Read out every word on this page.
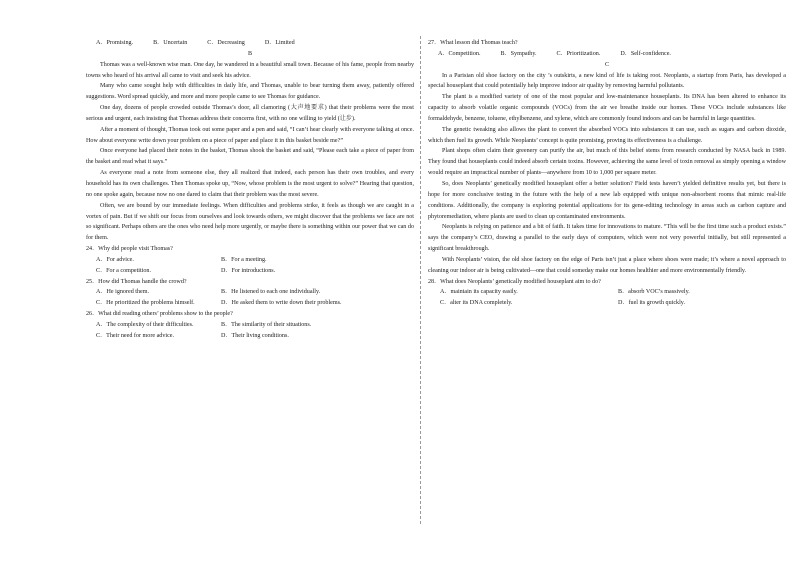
A．Promising.	B．Uncertain	C．Decreasing	D．Limited

B

Thomas was a well-known wise man. One day, he wandered in a beautiful small town. Because of his fame, people from nearby towns who heard of his arrival all came to visit and seek his advice.

Many who came sought help with difficulties in daily life, and Thomas, unable to bear turning them away, patiently offered suggestions. Word spread quickly, and more and more people came to see Thomas for guidance.

One day, dozens of people crowded outside Thomas’s door, all clamoring (大声地要求) that their problems were the most serious and urgent, each insisting that Thomas address their concerns first, with no one willing to yield (让步).

After a moment of thought, Thomas took out some paper and a pen and said, “I can’t hear clearly with everyone talking at once. How about everyone write down your problem on a piece of paper and place it in this basket beside me?”

Once everyone had placed their notes in the basket, Thomas shook the basket and said, “Please each take a piece of paper from the basket and read what it says.”

As everyone read a note from someone else, they all realized that indeed, each person has their own troubles, and every household has its own challenges. Then Thomas spoke up, “Now, whose problem is the most urgent to solve?” Hearing that question, no one spoke again, because now no one dared to claim that their problem was the most severe.

Often, we are bound by our immediate feelings. When difficulties and problems strike, it feels as though we are caught in a vortex of pain. But if we shift our focus from ourselves and look towards others, we might discover that the problems we face are not so significant. Perhaps others are the ones who need help more urgently, or maybe there is something within our power that we can do for them.

24．Why did people visit Thomas?

A．For advice.	B．For a meeting.
C．For a competition.	D．For introductions.

25．How did Thomas handle the crowd?

A．He ignored them.	B．He listened to each one individually.
C．He prioritized the problems himself.	D．He asked them to write down their problems.

26．What did reading others’ problems show to the people?

A．The complexity of their difficulties.	B．The similarity of their situations.
C．Their need for more advice.	D．Their living conditions.

27．What lesson did Thomas teach?

A．Competition.	B．Sympathy.	C．Prioritization.	D．Self-confidence.

C

In a Parisian old shoe factory on the city ’s outskirts, a new kind of life is taking root. Neoplants, a startup from Paris, has developed a special houseplant that could potentially help improve indoor air quality by removing harmful pollutants.

The plant is a modified variety of one of the most popular and low-maintenance houseplants. Its DNA has been altered to enhance its capacity to absorb volatile organic compounds (VOCs) from the air we breathe inside our homes. These VOCs include substances like formaldehyde, benzene, toluene, ethylbenzene, and xylene, which are commonly found indoors and can be harmful in large quantities.

The genetic tweaking also allows the plant to convert the absorbed VOCs into substances it can use, such as sugars and carbon dioxide, which then fuel its growth. While Neoplants’ concept is quite promising, proving its effectiveness is a challenge.

Plant shops often claim their greenery can purify the air, but much of this belief stems from research conducted by NASA back in 1989. They found that houseplants could indeed absorb certain toxins. However, achieving the same level of toxin removal as simply opening a window would require an impractical number of plants—anywhere from 10 to 1,000 per square meter.

So, does Neoplants’ genetically modified houseplant offer a better solution? Field tests haven’t yielded definitive results yet, but there is hope for more conclusive testing in the future with the help of a new lab equipped with unique non-absorbent rooms that mimic real-life conditions. Additionally, the company is exploring potential applications for its gene-editing technology in areas such as carbon capture and phytoremediation, where plants are used to clean up contaminated environments.

Neoplants is relying on patience and a bit of faith. It takes time for innovations to mature. “This will be the first time such a product exists.” says the company’s CEO, drawing a parallel to the early days of computers, which were not very powerful initially, but still represented a significant breakthrough.

With Neoplants’ vision, the old shoe factory on the edge of Paris isn’t just a place where shoes were made; it’s where a novel approach to cleaning our indoor air is being cultivated—one that could someday make our homes healthier and more environmentally friendly.

28．What does Neoplants’ genetically modified houseplant aim to do?

A．maintain its capacity easily.	B．absorb VOC’s massively.
C．alter its DNA completely.	D．fuel its growth quickly.
